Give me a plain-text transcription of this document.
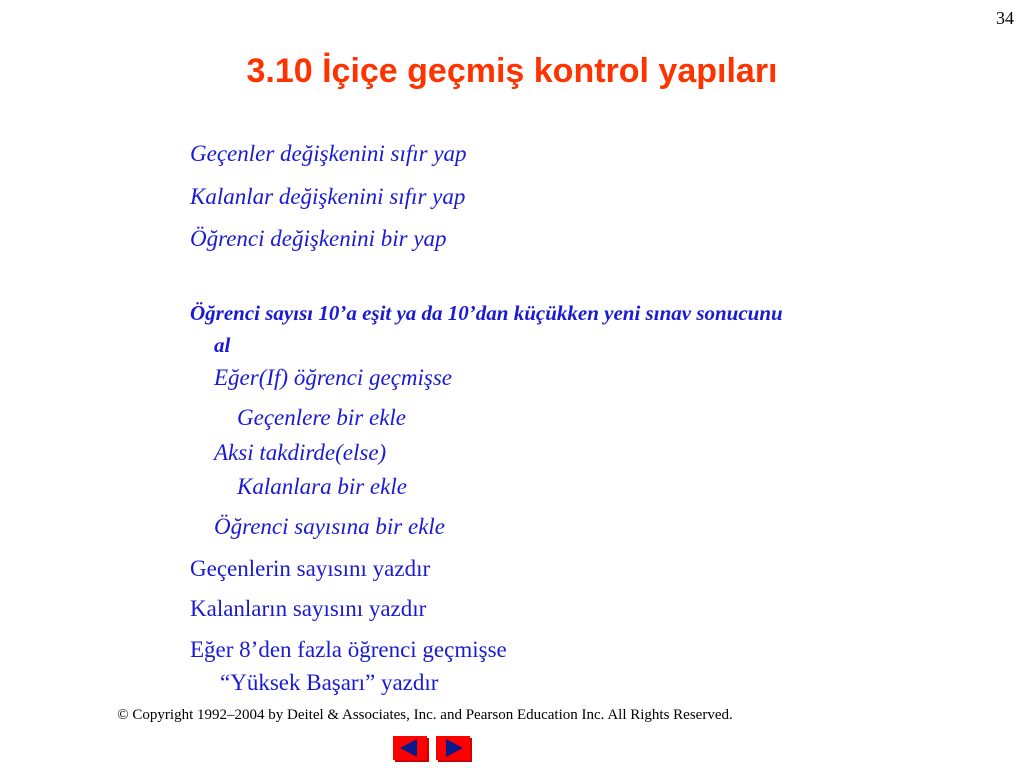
34
3.10 İçiçe geçmiş kontrol yapıları
Geçenler değişkenini sıfır yap
Kalanlar değişkenini sıfır yap
Öğrenci değişkenini bir yap
Öğrenci sayısı 10’a eşit ya da 10’dan küçükken yeni sınav sonucunu
al
Eğer(If) öğrenci geçmişse
Geçenlere bir ekle
Aksi takdirde(else)
Kalanlara bir ekle
Öğrenci sayısına bir ekle
Geçenlerin sayısını yazdır
Kalanların sayısını yazdır
Eğer 8’den fazla öğrenci geçmişse
“Yüksek Başarı” yazdır
© Copyright 1992–2004 by Deitel & Associates, Inc. and Pearson Education Inc. All Rights Reserved.
